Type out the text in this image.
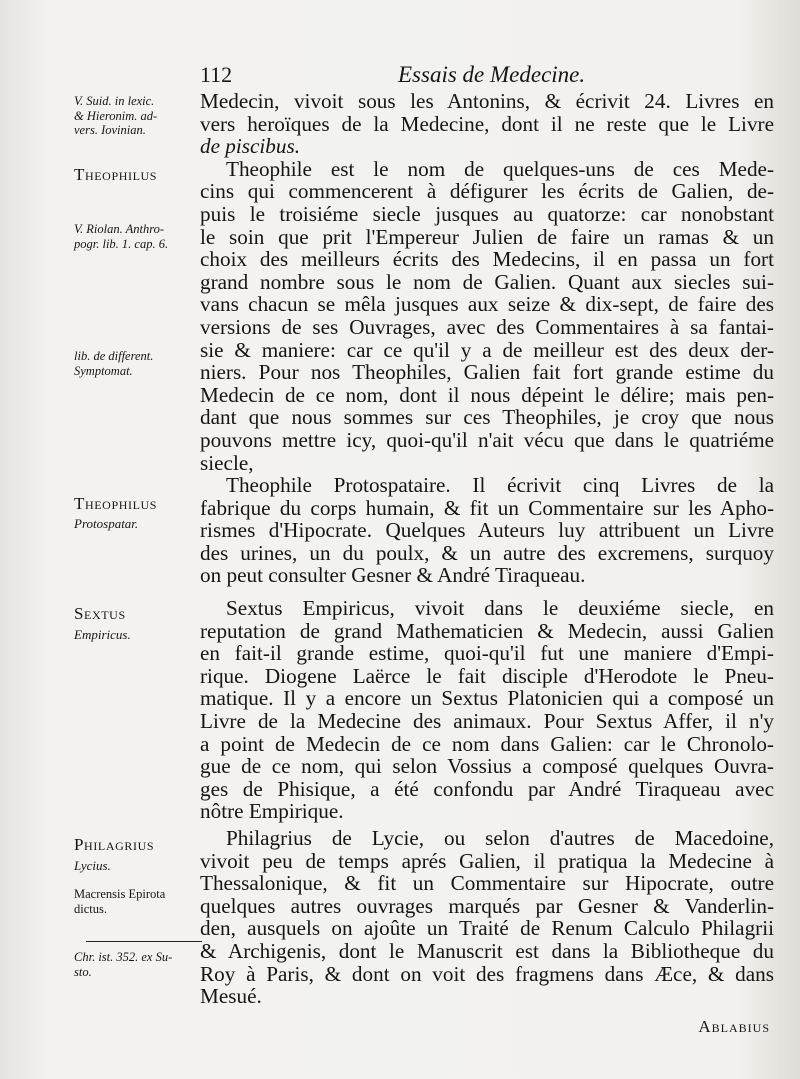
112	Essais de Medecine.
V. Suid. in lexic.
& Hieronim. ad-
vers. Iovinian.
Theophilus
V. Riolan. Anthro-
pogr. lib. 1. cap. 6.
lib. de different.
Symptomat.
Theophilus
Protospatar.
Sextus
Empiricus.
Philagrius
Lycius.
Macrensis Epirota
dictus.
Chr. ist. 352. ex Su-
sto.
Medecin, vivoit sous les Antonins, & écrivit 24. Livres en
vers heroïques de la Medecine, dont il ne reste que le Livre
de piscibus.
Theophile est le nom de quelques-uns de ces Mede-
cins qui commencerent à défigurer les écrits de Galien, de-
puis le troisiéme siecle jusques au quatorze: car nonobstant
le soin que prit l'Empereur Julien de faire un ramas & un
choix des meilleurs écrits des Medecins, il en passa un fort
grand nombre sous le nom de Galien. Quant aux siecles sui-
vans chacun se mêla jusques aux seize & dix-sept, de faire des
versions de ses Ouvrages, avec des Commentaires à sa fantai-
sie & maniere: car ce qu'il y a de meilleur est des deux der-
niers. Pour nos Theophiles, Galien fait fort grande estime du
Medecin de ce nom, dont il nous dépeint le délire; mais pen-
dant que nous sommes sur ces Theophiles, je croy que nous
pouvons mettre icy, quoi-qu'il n'ait vécu que dans le quatriéme
siecle,
Theophile Protospataire. Il écrivit cinq Livres de la
fabrique du corps humain, & fit un Commentaire sur les Apho-
rismes d'Hipocrate. Quelques Auteurs luy attribuent un Livre
des urines, un du poulx, & un autre des excremens, surquoy
on peut consulter Gesner & André Tiraqueau.
Sextus Empiricus, vivoit dans le deuxiéme siecle, en
reputation de grand Mathematicien & Medecin, aussi Galien
en fait-il grande estime, quoi-qu'il fut une maniere d'Empi-
rique. Diogene Laërce le fait disciple d'Herodote le Pneu-
matique. Il y a encore un Sextus Platonicien qui a composé un
Livre de la Medecine des animaux. Pour Sextus Affer, il n'y
a point de Medecin de ce nom dans Galien: car le Chronolo-
gue de ce nom, qui selon Vossius a composé quelques Ouvra-
ges de Phisique, a été confondu par André Tiraqueau avec
nôtre Empirique.
Philagrius de Lycie, ou selon d'autres de Macedoine,
vivoit peu de temps aprés Galien, il pratiqua la Medecine à
Thessalonique, & fit un Commentaire sur Hipocrate, outre
quelques autres ouvrages marqués par Gesner & Vanderlin-
den, ausquels on ajoûte un Traité de Renum Calculo Philagrii
& Archigenis, dont le Manuscrit est dans la Bibliotheque du
Roy à Paris, & dont on voit des fragmens dans Æce, & dans
Mesué.
Ablabius
